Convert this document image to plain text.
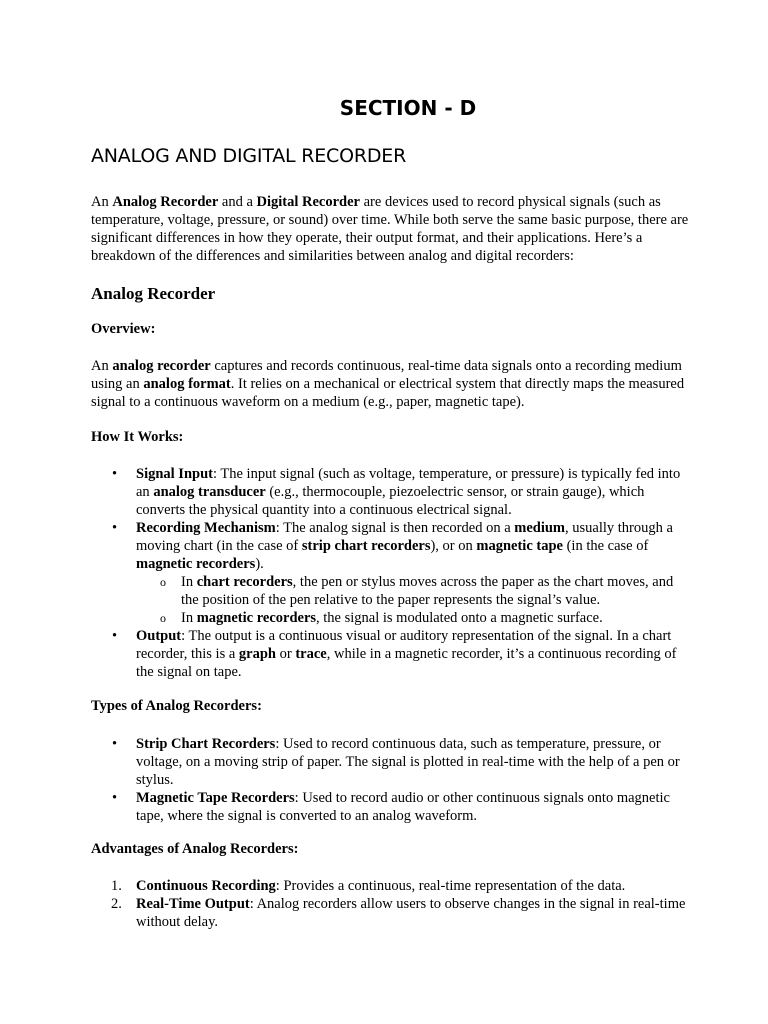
SECTION - D
ANALOG AND DIGITAL RECORDER

An Analog Recorder and a Digital Recorder are devices used to record physical signals (such as temperature, voltage, pressure, or sound) over time. While both serve the same basic purpose, there are significant differences in how they operate, their output format, and their applications. Here’s a breakdown of the differences and similarities between analog and digital recorders:

Analog Recorder
Overview:

An analog recorder captures and records continuous, real-time data signals onto a recording medium using an analog format. It relies on a mechanical or electrical system that directly maps the measured signal to a continuous waveform on a medium (e.g., paper, magnetic tape).

How It Works:
• Signal Input: The input signal (such as voltage, temperature, or pressure) is typically fed into an analog transducer (e.g., thermocouple, piezoelectric sensor, or strain gauge), which converts the physical quantity into a continuous electrical signal.
• Recording Mechanism: The analog signal is then recorded on a medium, usually through a moving chart (in the case of strip chart recorders), or on magnetic tape (in the case of magnetic recorders).
o In chart recorders, the pen or stylus moves across the paper as the chart moves, and the position of the pen relative to the paper represents the signal’s value.
o In magnetic recorders, the signal is modulated onto a magnetic surface.
• Output: The output is a continuous visual or auditory representation of the signal. In a chart recorder, this is a graph or trace, while in a magnetic recorder, it’s a continuous recording of the signal on tape.
Types of Analog Recorders:
• Strip Chart Recorders: Used to record continuous data, such as temperature, pressure, or voltage, on a moving strip of paper. The signal is plotted in real-time with the help of a pen or stylus.
• Magnetic Tape Recorders: Used to record audio or other continuous signals onto magnetic tape, where the signal is converted to an analog waveform.
Advantages of Analog Recorders:
1. Continuous Recording: Provides a continuous, real-time representation of the data.
2. Real-Time Output: Analog recorders allow users to observe changes in the signal in real-time without delay.
